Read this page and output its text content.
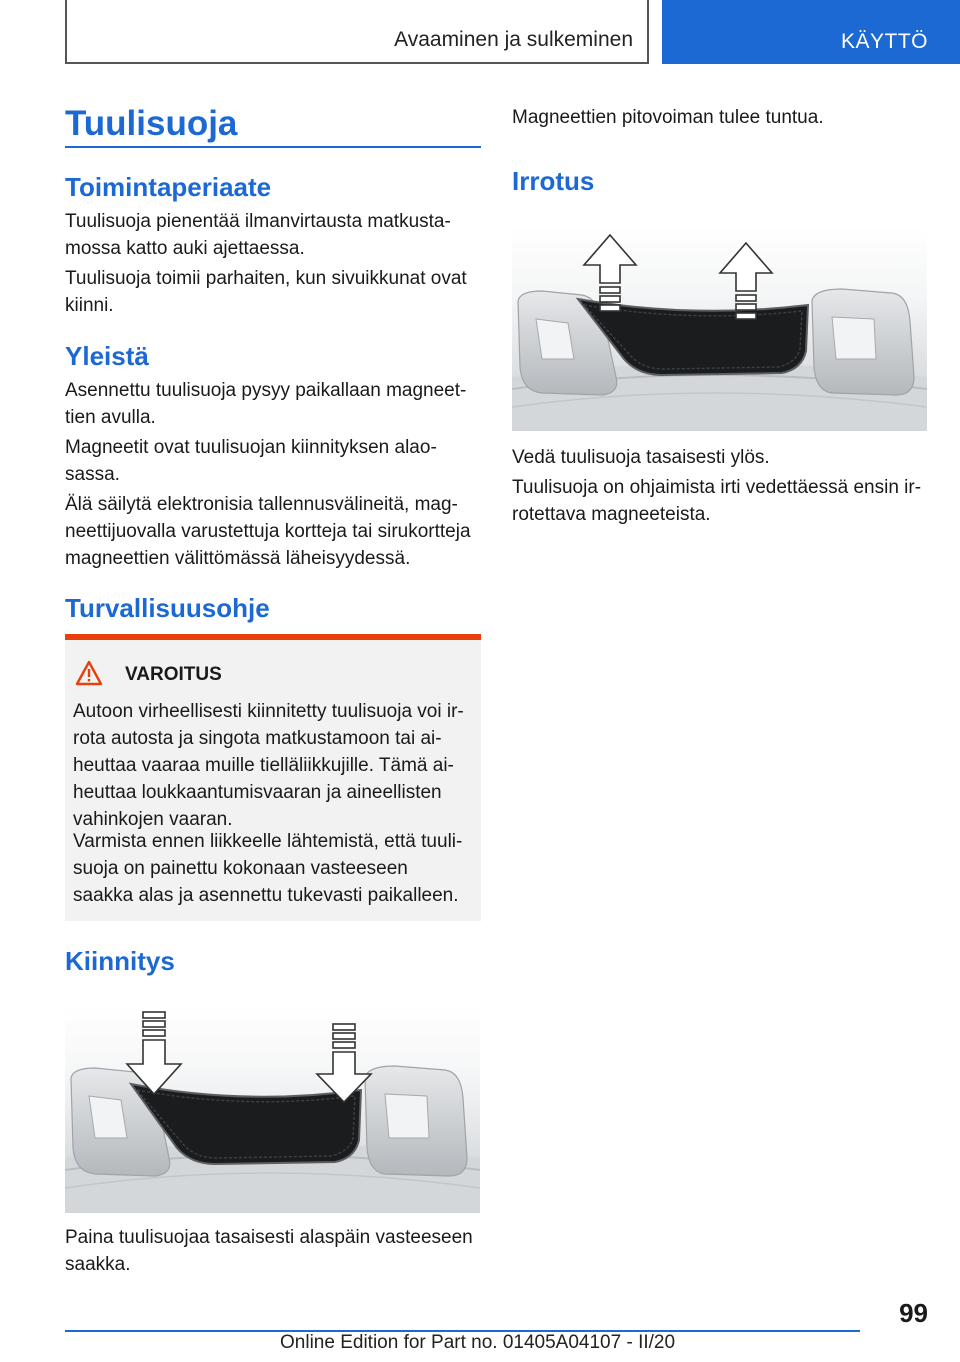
Avaaminen ja sulkeminen	KÄYTTÖ
Tuulisuoja
Toimintaperiaate

Tuulisuoja pienentää ilmanvirtausta matkusta-mossa katto auki ajettaessa.

Tuulisuoja toimii parhaiten, kun sivuikkunat ovat kiinni.

Yleistä

Asennettu tuulisuoja pysyy paikallaan magneet-tien avulla.

Magneetit ovat tuulisuojan kiinnityksen alao-sassa.

Älä säilytä elektronisia tallennusvälineitä, mag-neettijuovalla varustettuja kortteja tai sirukortteja magneettien välittömässä läheisyydessä.

Turvallisuusohje
VAROITUS

Autoon virheellisesti kiinnitetty tuulisuoja voi ir-rota autosta ja singota matkustamoon tai ai-heuttaa vaaraa muille tielläliikkujille. Tämä ai-heuttaa loukkaantumisvaaran ja aineellisten vahinkojen vaaran.

Varmista ennen liikkeelle lähtemistä, että tuuli-suoja on painettu kokonaan vasteeseen saakka alas ja asennettu tukevasti paikalleen.

Kiinnitys

Paina tuulisuojaa tasaisesti alaspäin vasteeseen saakka.

Magneettien pitovoiman tulee tuntua.

Irrotus

Vedä tuulisuoja tasaisesti ylös.

Tuulisuoja on ohjaimista irti vedettäessä ensin ir-rotettava magneeteista.

99
Online Edition for Part no. 01405A04107 - II/20
